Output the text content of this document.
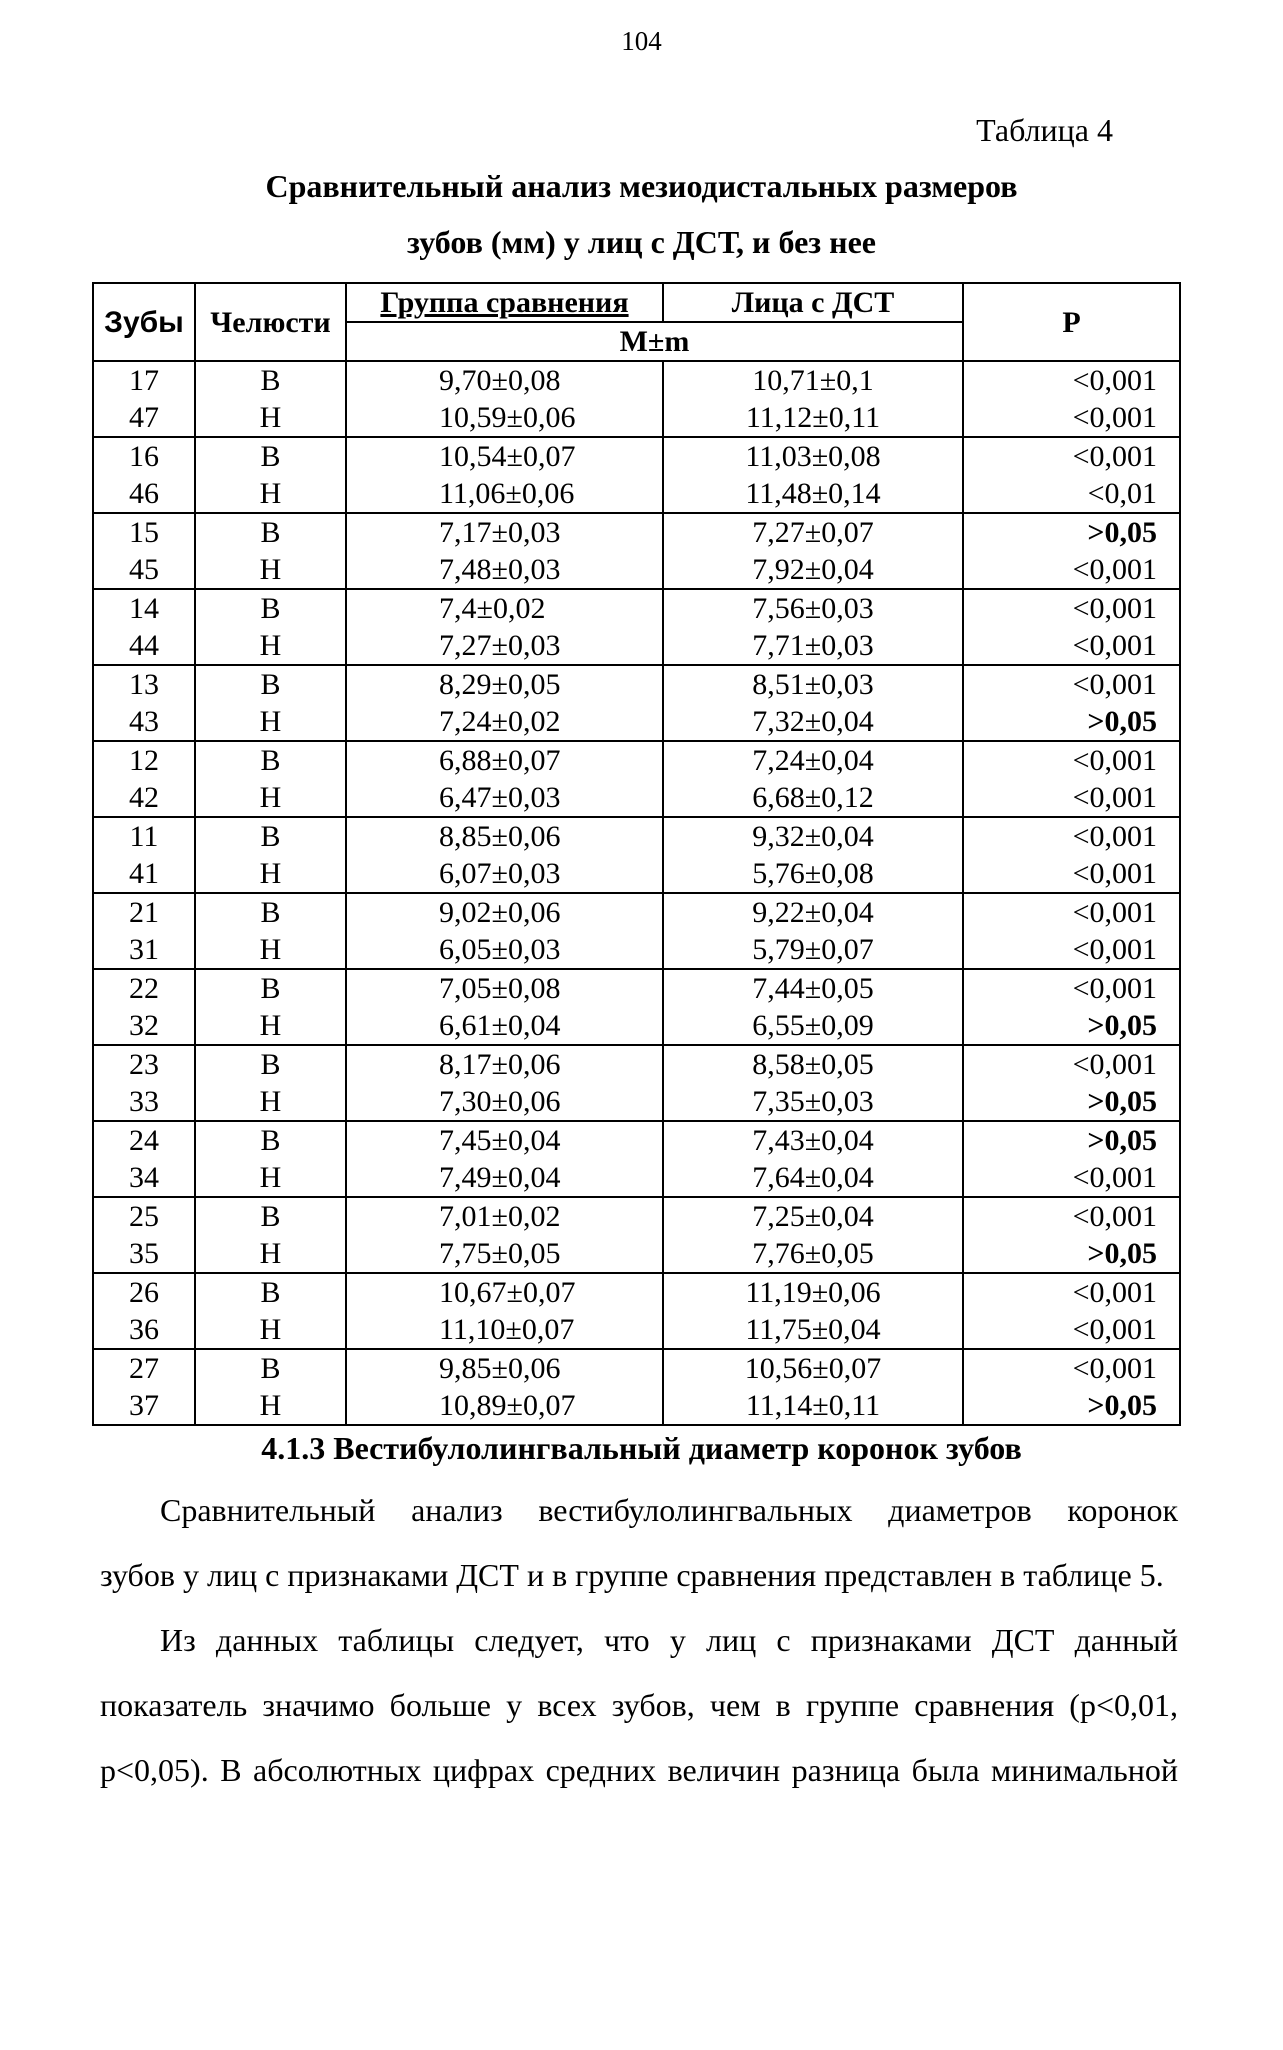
104
Таблица 4
Сравнительный анализ мезиодистальных размеров
зубов (мм) у лиц с ДСТ, и без нее
Зубы	Челюсти	Группа сравнения	Лица с ДСТ	Р
		M±m		
17	В	9,70±0,08	10,71±0,1	<0,001
47	Н	10,59±0,06	11,12±0,11	<0,001
16	В	10,54±0,07	11,03±0,08	<0,001
46	Н	11,06±0,06	11,48±0,14	<0,01
15	В	7,17±0,03	7,27±0,07	>0,05
45	Н	7,48±0,03	7,92±0,04	<0,001
14	В	7,4±0,02	7,56±0,03	<0,001
44	Н	7,27±0,03	7,71±0,03	<0,001
13	В	8,29±0,05	8,51±0,03	<0,001
43	Н	7,24±0,02	7,32±0,04	>0,05
12	В	6,88±0,07	7,24±0,04	<0,001
42	Н	6,47±0,03	6,68±0,12	<0,001
11	В	8,85±0,06	9,32±0,04	<0,001
41	Н	6,07±0,03	5,76±0,08	<0,001
21	В	9,02±0,06	9,22±0,04	<0,001
31	Н	6,05±0,03	5,79±0,07	<0,001
22	В	7,05±0,08	7,44±0,05	<0,001
32	Н	6,61±0,04	6,55±0,09	>0,05
23	В	8,17±0,06	8,58±0,05	<0,001
33	Н	7,30±0,06	7,35±0,03	>0,05
24	В	7,45±0,04	7,43±0,04	>0,05
34	Н	7,49±0,04	7,64±0,04	<0,001
25	В	7,01±0,02	7,25±0,04	<0,001
35	Н	7,75±0,05	7,76±0,05	>0,05
26	В	10,67±0,07	11,19±0,06	<0,001
36	Н	11,10±0,07	11,75±0,04	<0,001
27	В	9,85±0,06	10,56±0,07	<0,001
37	Н	10,89±0,07	11,14±0,11	>0,05
4.1.3 Вестибулолингвальный диаметр коронок зубов
Сравнительный анализ вестибулолингвальных диаметров коронок
зубов у лиц с признаками ДСТ и в группе сравнения представлен в таблице 5.
Из данных таблицы следует, что у лиц с признаками ДСТ данный
показатель значимо больше у всех зубов, чем в группе сравнения (р<0,01,
р<0,05). В абсолютных цифрах средних величин разница была минимальной
